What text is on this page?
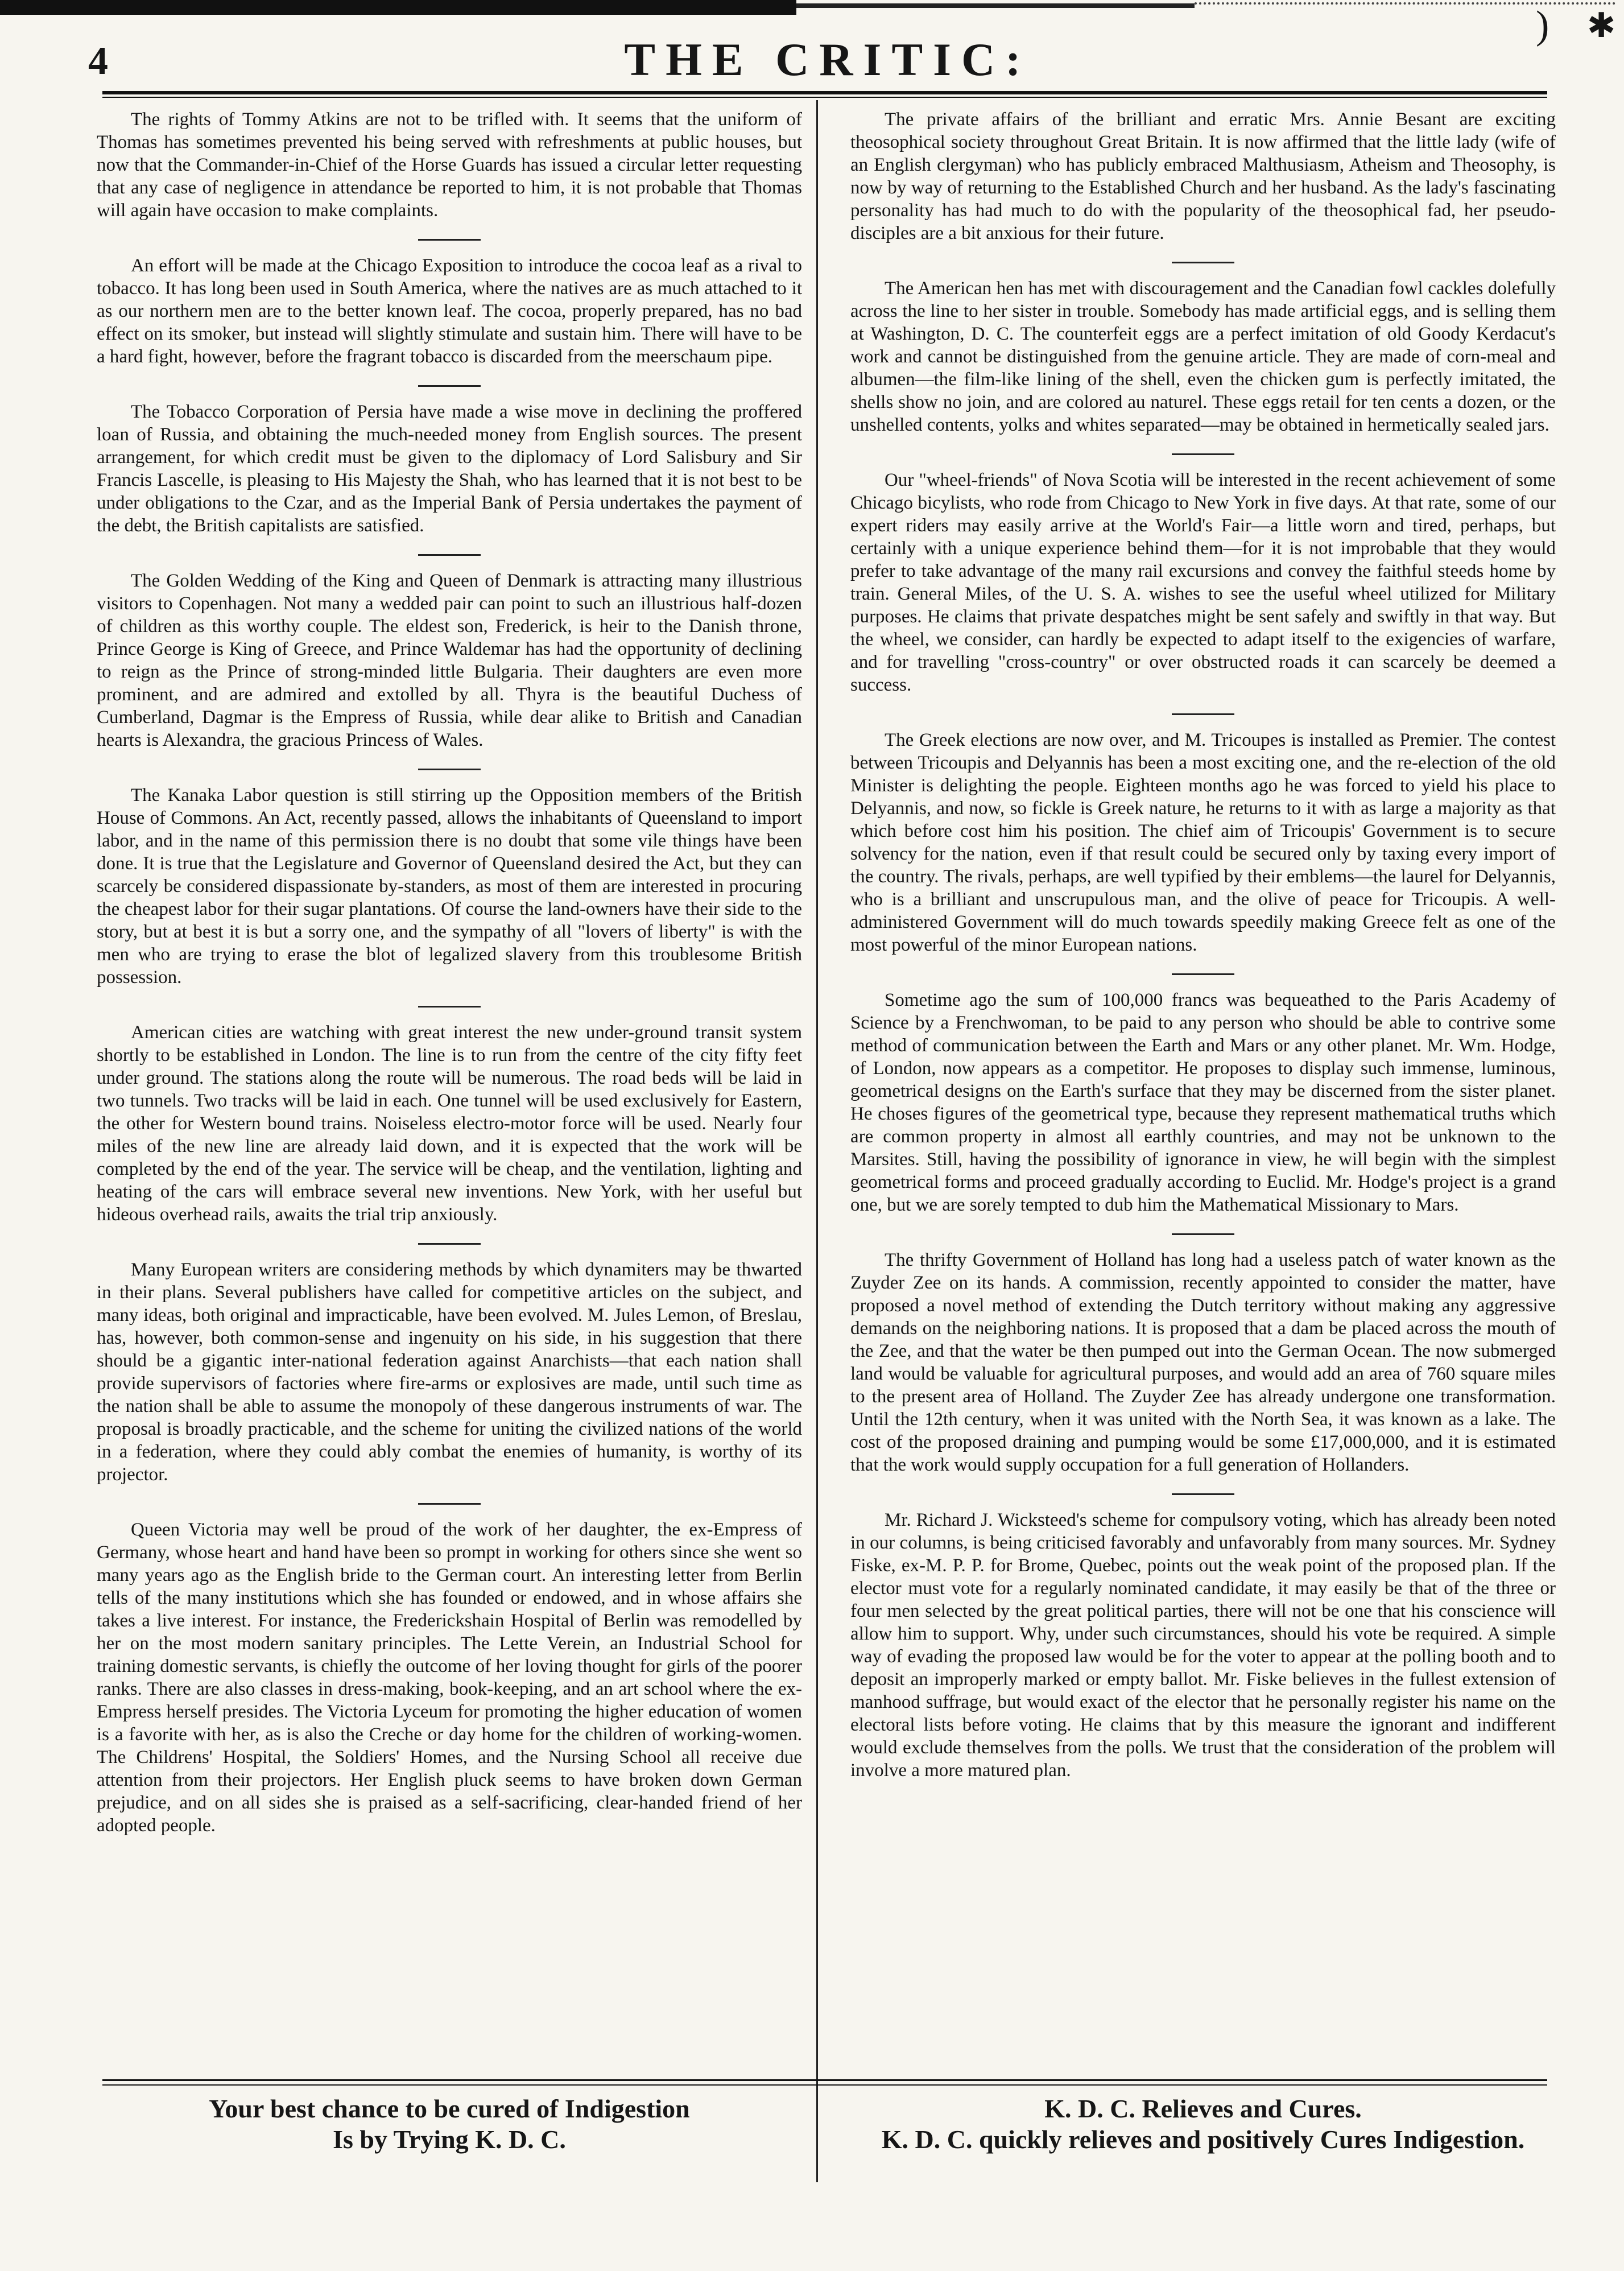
) ✱
4	THE CRITIC:

The rights of Tommy Atkins are not to be trifled with. It seems that the uniform of Thomas has sometimes prevented his being served with refreshments at public houses, but now that the Commander-in-Chief of the Horse Guards has issued a circular letter requesting that any case of negligence in attendance be reported to him, it is not probable that Thomas will again have occasion to make complaints.

An effort will be made at the Chicago Exposition to introduce the cocoa leaf as a rival to tobacco. It has long been used in South America, where the natives are as much attached to it as our northern men are to the better known leaf. The cocoa, properly prepared, has no bad effect on its smoker, but instead will slightly stimulate and sustain him. There will have to be a hard fight, however, before the fragrant tobacco is discarded from the meerschaum pipe.

The Tobacco Corporation of Persia have made a wise move in declining the proffered loan of Russia, and obtaining the much-needed money from English sources. The present arrangement, for which credit must be given to the diplomacy of Lord Salisbury and Sir Francis Lascelle, is pleasing to His Majesty the Shah, who has learned that it is not best to be under obligations to the Czar, and as the Imperial Bank of Persia undertakes the payment of the debt, the British capitalists are satisfied.

The Golden Wedding of the King and Queen of Denmark is attracting many illustrious visitors to Copenhagen. Not many a wedded pair can point to such an illustrious half-dozen of children as this worthy couple. The eldest son, Frederick, is heir to the Danish throne, Prince George is King of Greece, and Prince Waldemar has had the opportunity of declining to reign as the Prince of strong-minded little Bulgaria. Their daughters are even more prominent, and are admired and extolled by all. Thyra is the beautiful Duchess of Cumberland, Dagmar is the Empress of Russia, while dear alike to British and Canadian hearts is Alexandra, the gracious Princess of Wales.

The Kanaka Labor question is still stirring up the Opposition members of the British House of Commons. An Act, recently passed, allows the inhabitants of Queensland to import labor, and in the name of this permission there is no doubt that some vile things have been done. It is true that the Legislature and Governor of Queensland desired the Act, but they can scarcely be considered dispassionate by-standers, as most of them are interested in procuring the cheapest labor for their sugar plantations. Of course the land-owners have their side to the story, but at best it is but a sorry one, and the sympathy of all "lovers of liberty" is with the men who are trying to erase the blot of legalized slavery from this troublesome British possession.

American cities are watching with great interest the new under-ground transit system shortly to be established in London. The line is to run from the centre of the city fifty feet under ground. The stations along the route will be numerous. The road beds will be laid in two tunnels. Two tracks will be laid in each. One tunnel will be used exclusively for Eastern, the other for Western bound trains. Noiseless electro-motor force will be used. Nearly four miles of the new line are already laid down, and it is expected that the work will be completed by the end of the year. The service will be cheap, and the ventilation, lighting and heating of the cars will embrace several new inventions. New York, with her useful but hideous overhead rails, awaits the trial trip anxiously.

Many European writers are considering methods by which dynamiters may be thwarted in their plans. Several publishers have called for competitive articles on the subject, and many ideas, both original and impracticable, have been evolved. M. Jules Lemon, of Breslau, has, however, both common-sense and ingenuity on his side, in his suggestion that there should be a gigantic inter-national federation against Anarchists—that each nation shall provide supervisors of factories where fire-arms or explosives are made, until such time as the nation shall be able to assume the monopoly of these dangerous instruments of war. The proposal is broadly practicable, and the scheme for uniting the civilized nations of the world in a federation, where they could ably combat the enemies of humanity, is worthy of its projector.

Queen Victoria may well be proud of the work of her daughter, the ex-Empress of Germany, whose heart and hand have been so prompt in working for others since she went so many years ago as the English bride to the German court. An interesting letter from Berlin tells of the many institutions which she has founded or endowed, and in whose affairs she takes a live interest. For instance, the Frederickshain Hospital of Berlin was remodelled by her on the most modern sanitary principles. The Lette Verein, an Industrial School for training domestic servants, is chiefly the outcome of her loving thought for girls of the poorer ranks. There are also classes in dress-making, book-keeping, and an art school where the ex-Empress herself presides. The Victoria Lyceum for promoting the higher education of women is a favorite with her, as is also the Creche or day home for the children of working-women. The Childrens' Hospital, the Soldiers' Homes, and the Nursing School all receive due attention from their projectors. Her English pluck seems to have broken down German prejudice, and on all sides she is praised as a self-sacrificing, clear-handed friend of her adopted people.

The private affairs of the brilliant and erratic Mrs. Annie Besant are exciting theosophical society throughout Great Britain. It is now affirmed that the little lady (wife of an English clergyman) who has publicly embraced Malthusiasm, Atheism and Theosophy, is now by way of returning to the Established Church and her husband. As the lady's fascinating personality has had much to do with the popularity of the theosophical fad, her pseudo-disciples are a bit anxious for their future.

The American hen has met with discouragement and the Canadian fowl cackles dolefully across the line to her sister in trouble. Somebody has made artificial eggs, and is selling them at Washington, D. C. The counterfeit eggs are a perfect imitation of old Goody Kerdacut's work and cannot be distinguished from the genuine article. They are made of corn-meal and albumen—the film-like lining of the shell, even the chicken gum is perfectly imitated, the shells show no join, and are colored au naturel. These eggs retail for ten cents a dozen, or the unshelled contents, yolks and whites separated—may be obtained in hermetically sealed jars.

Our "wheel-friends" of Nova Scotia will be interested in the recent achievement of some Chicago bicylists, who rode from Chicago to New York in five days. At that rate, some of our expert riders may easily arrive at the World's Fair—a little worn and tired, perhaps, but certainly with a unique experience behind them—for it is not improbable that they would prefer to take advantage of the many rail excursions and convey the faithful steeds home by train. General Miles, of the U. S. A. wishes to see the useful wheel utilized for Military purposes. He claims that private despatches might be sent safely and swiftly in that way. But the wheel, we consider, can hardly be expected to adapt itself to the exigencies of warfare, and for travelling "cross-country" or over obstructed roads it can scarcely be deemed a success.

The Greek elections are now over, and M. Tricoupes is installed as Premier. The contest between Tricoupis and Delyannis has been a most exciting one, and the re-election of the old Minister is delighting the people. Eighteen months ago he was forced to yield his place to Delyannis, and now, so fickle is Greek nature, he returns to it with as large a majority as that which before cost him his position. The chief aim of Tricoupis' Government is to secure solvency for the nation, even if that result could be secured only by taxing every import of the country. The rivals, perhaps, are well typified by their emblems—the laurel for Delyannis, who is a brilliant and unscrupulous man, and the olive of peace for Tricoupis. A well-administered Government will do much towards speedily making Greece felt as one of the most powerful of the minor European nations.

Sometime ago the sum of 100,000 francs was bequeathed to the Paris Academy of Science by a Frenchwoman, to be paid to any person who should be able to contrive some method of communication between the Earth and Mars or any other planet. Mr. Wm. Hodge, of London, now appears as a competitor. He proposes to display such immense, luminous, geometrical designs on the Earth's surface that they may be discerned from the sister planet. He choses figures of the geometrical type, because they represent mathematical truths which are common property in almost all earthly countries, and may not be unknown to the Marsites. Still, having the possibility of ignorance in view, he will begin with the simplest geometrical forms and proceed gradually according to Euclid. Mr. Hodge's project is a grand one, but we are sorely tempted to dub him the Mathematical Missionary to Mars.

The thrifty Government of Holland has long had a useless patch of water known as the Zuyder Zee on its hands. A commission, recently appointed to consider the matter, have proposed a novel method of extending the Dutch territory without making any aggressive demands on the neighboring nations. It is proposed that a dam be placed across the mouth of the Zee, and that the water be then pumped out into the German Ocean. The now submerged land would be valuable for agricultural purposes, and would add an area of 760 square miles to the present area of Holland. The Zuyder Zee has already undergone one transformation. Until the 12th century, when it was united with the North Sea, it was known as a lake. The cost of the proposed draining and pumping would be some £17,000,000, and it is estimated that the work would supply occupation for a full generation of Hollanders.

Mr. Richard J. Wicksteed's scheme for compulsory voting, which has already been noted in our columns, is being criticised favorably and unfavorably from many sources. Mr. Sydney Fiske, ex-M. P. P. for Brome, Quebec, points out the weak point of the proposed plan. If the elector must vote for a regularly nominated candidate, it may easily be that of the three or four men selected by the great political parties, there will not be one that his conscience will allow him to support. Why, under such circumstances, should his vote be required. A simple way of evading the proposed law would be for the voter to appear at the polling booth and to deposit an improperly marked or empty ballot. Mr. Fiske believes in the fullest extension of manhood suffrage, but would exact of the elector that he personally register his name on the electoral lists before voting. He claims that by this measure the ignorant and indifferent would exclude themselves from the polls. We trust that the consideration of the problem will involve a more matured plan.

Your best chance to be cured of Indigestion
Is by Trying K. D. C.
K. D. C. Relieves and Cures.
K. D. C. quickly relieves and positively Cures Indigestion.
